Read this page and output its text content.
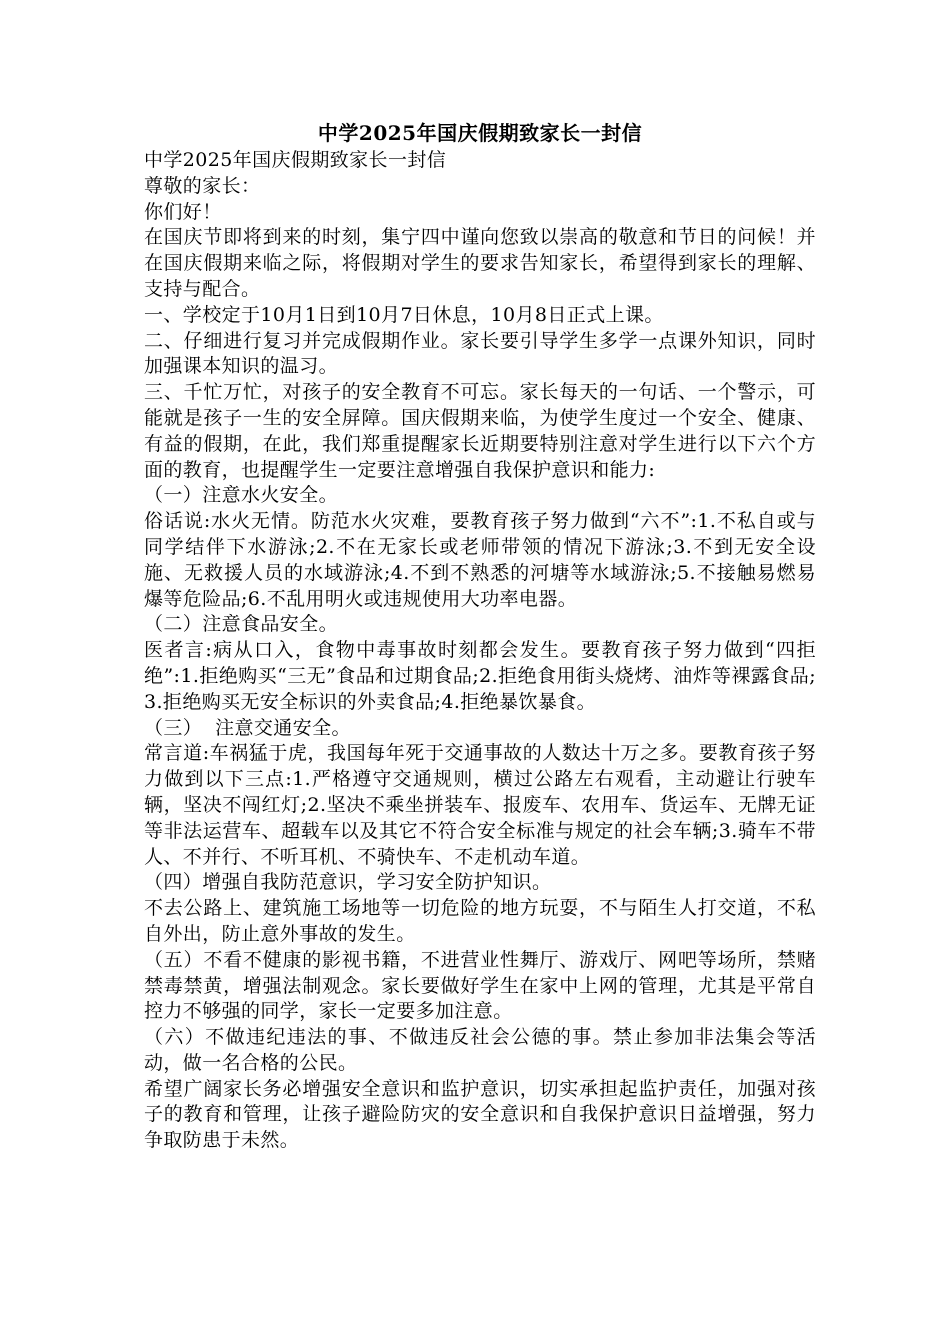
中学2025年国庆假期致家长一封信

中学2025年国庆假期致家长一封信

尊敬的家长：

你们好！

在国庆节即将到来的时刻，集宁四中谨向您致以崇高的敬意和节日的问候！并在国庆假期来临之际，将假期对学生的要求告知家长，希望得到家长的理解、支持与配合。

一、学校定于10月1日到10月7日休息，10月8日正式上课。

二、仔细进行复习并完成假期作业。家长要引导学生多学一点课外知识，同时加强课本知识的温习。

三、千忙万忙，对孩子的安全教育不可忘。家长每天的一句话、一个警示，可能就是孩子一生的安全屏障。国庆假期来临，为使学生度过一个安全、健康、有益的假期，在此，我们郑重提醒家长近期要特别注意对学生进行以下六个方面的教育，也提醒学生一定要注意增强自我保护意识和能力:

（一）注意水火安全。

俗话说:水火无情。防范水火灾难，要教育孩子努力做到“六不”:1.不私自或与同学结伴下水游泳;2.不在无家长或老师带领的情况下游泳;3.不到无安全设施、无救援人员的水域游泳;4.不到不熟悉的河塘等水域游泳;5.不接触易燃易爆等危险品;6.不乱用明火或违规使用大功率电器。

（二）注意食品安全。

医者言:病从口入，食物中毒事故时刻都会发生。要教育孩子努力做到“四拒绝”:1.拒绝购买“三无”食品和过期食品;2.拒绝食用街头烧烤、油炸等裸露食品;3.拒绝购买无安全标识的外卖食品;4.拒绝暴饮暴食。

（三）  注意交通安全。

常言道:车祸猛于虎，我国每年死于交通事故的人数达十万之多。要教育孩子努力做到以下三点:1.严格遵守交通规则，横过公路左右观看，主动避让行驶车辆，坚决不闯红灯;2.坚决不乘坐拼装车、报废车、农用车、货运车、无牌无证等非法运营车、超载车以及其它不符合安全标准与规定的社会车辆;3.骑车不带人、不并行、不听耳机、不骑快车、不走机动车道。

（四）增强自我防范意识，学习安全防护知识。

不去公路上、建筑施工场地等一切危险的地方玩耍，不与陌生人打交道，不私自外出，防止意外事故的发生。

（五）不看不健康的影视书籍，不进营业性舞厅、游戏厅、网吧等场所，禁赌禁毒禁黄，增强法制观念。家长要做好学生在家中上网的管理，尤其是平常自控力不够强的同学，家长一定要多加注意。

（六）不做违纪违法的事、不做违反社会公德的事。禁止参加非法集会等活动，做一名合格的公民。

希望广阔家长务必增强安全意识和监护意识，切实承担起监护责任，加强对孩子的教育和管理，让孩子避险防灾的安全意识和自我保护意识日益增强，努力争取防患于未然。
